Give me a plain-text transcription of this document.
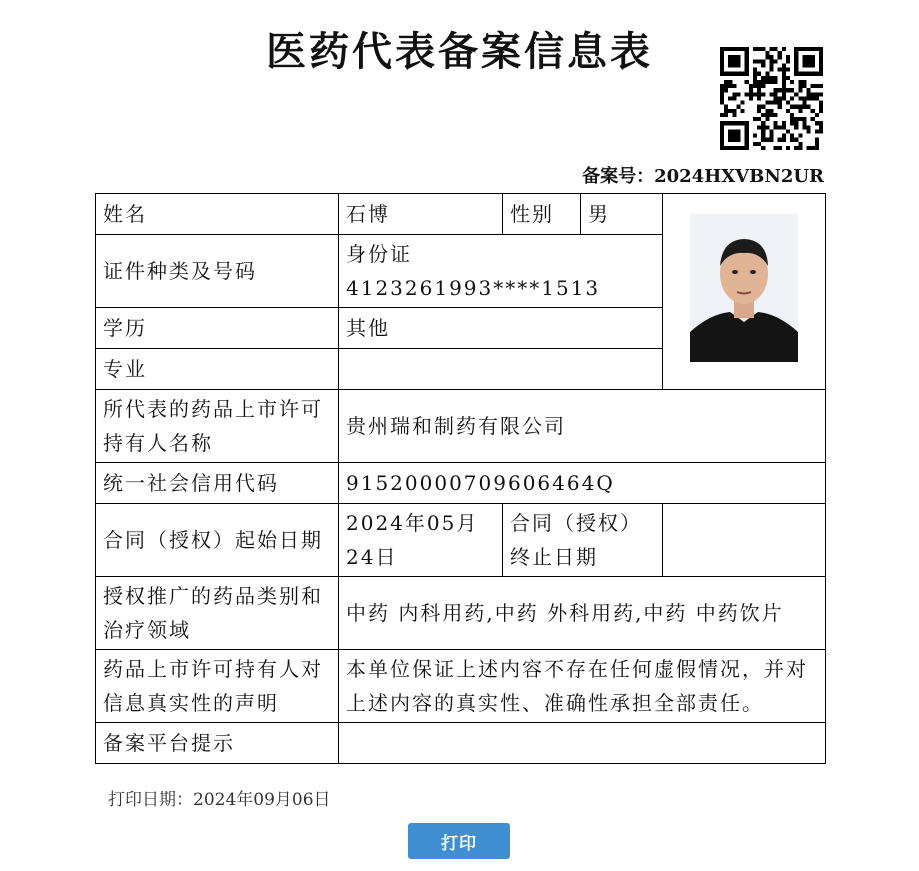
医药代表备案信息表
备案号：2024HXVBN2UR
姓名	石博	性别	男	
证件种类及号码	身份证 4123261993****1513			
学历	其他			
专业				
所代表的药品上市许可持有人名称	贵州瑞和制药有限公司			
统一社会信用代码	91520000709606464Q			
合同（授权）起始日期	2024年05月24日	合同（授权）终止日期		
授权推广的药品类别和治疗领域	中药 内科用药,中药 外科用药,中药 中药饮片			
药品上市许可持有人对信息真实性的声明	本单位保证上述内容不存在任何虚假情况，并对上述内容的真实性、准确性承担全部责任。			
备案平台提示				
打印日期：2024年09月06日
打印
